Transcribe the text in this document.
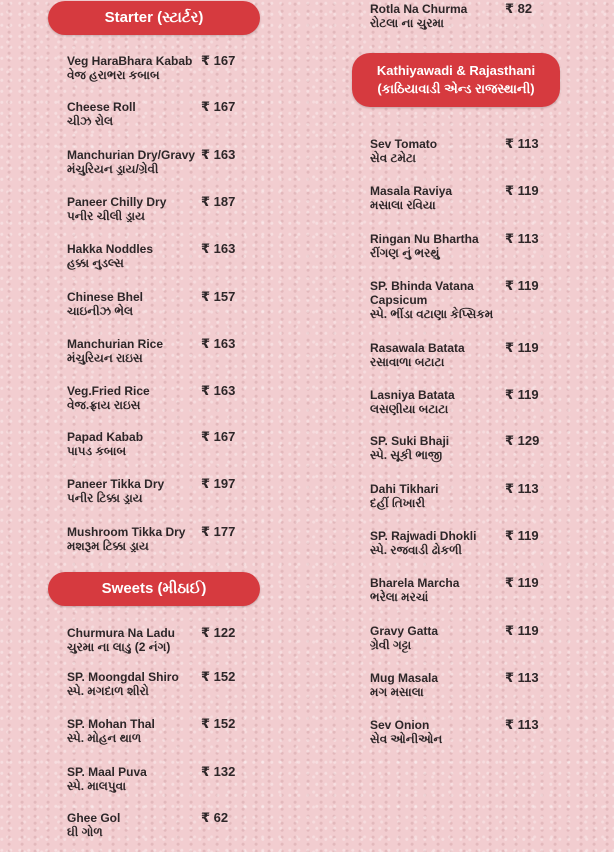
Starter (સ્ટાર્ટર)
Veg HaraBhara Kabab
વેજ હરાભરા કબાબ
₹ 167
Cheese Roll
ચીઝ રોલ
₹ 167
Manchurian Dry/Gravy
મંચુરિયન ડ્રાય/ગ્રેવી
₹ 163
Paneer Chilly Dry
પનીર ચીલી ડ્રાય
₹ 187
Hakka Noddles
હક્કા નુડલ્સ
₹ 163
Chinese Bhel
ચાઇનીઝ ભેલ
₹ 157
Manchurian Rice
મંચુરિયન રાઇસ
₹ 163
Veg.Fried Rice
વેજ.ફ્રાય રાઇસ
₹ 163
Papad Kabab
પાપડ કબાબ
₹ 167
Paneer Tikka Dry
પનીર ટિક્કા ડ્રાય
₹ 197
Mushroom Tikka Dry
મશરૂમ ટિક્કા ડ્રાય
₹ 177
Sweets (મીઠાઈ)
Churmura Na Ladu
ચુરમા ના લાડુ (2 નંગ)
₹ 122
SP. Moongdal Shiro
સ્પે. મગદાળ શીરો
₹ 152
SP. Mohan Thal
સ્પે. મોહન થાળ
₹ 152
SP. Maal Puva
સ્પે. માલપુવા
₹ 132
Ghee Gol
ઘી ગોળ
₹ 62
Rotla Na Churma
રોટલા ના ચુરમા
₹ 82
Kathiyawadi & Rajasthani
(કાઠિયાવાડી એન્ડ રાજસ્થાની)
Sev Tomato
સેવ ટમેટા
₹ 113
Masala Raviya
મસાલા રવિયા
₹ 119
Ringan Nu Bhartha
રીંગણ નું ભરથું
₹ 113
SP. Bhinda Vatana Capsicum
સ્પે. ભીંડા વટાણા કેપ્સિકમ
₹ 119
Rasawala Batata
રસાવાળા બટાટા
₹ 119
Lasniya Batata
લસણીયા બટાટા
₹ 119
SP. Suki Bhaji
સ્પે. સૂકી ભાજી
₹ 129
Dahi Tikhari
દહીં તિખારી
₹ 113
SP. Rajwadi Dhokli
સ્પે. રજવાડી ઢોકળી
₹ 119
Bharela Marcha
ભરેલા મરચાં
₹ 119
Gravy Gatta
ગ્રેવી ગટ્ટા
₹ 119
Mug Masala
મગ મસાલા
₹ 113
Sev Onion
સેવ ઓનીઓન
₹ 113
